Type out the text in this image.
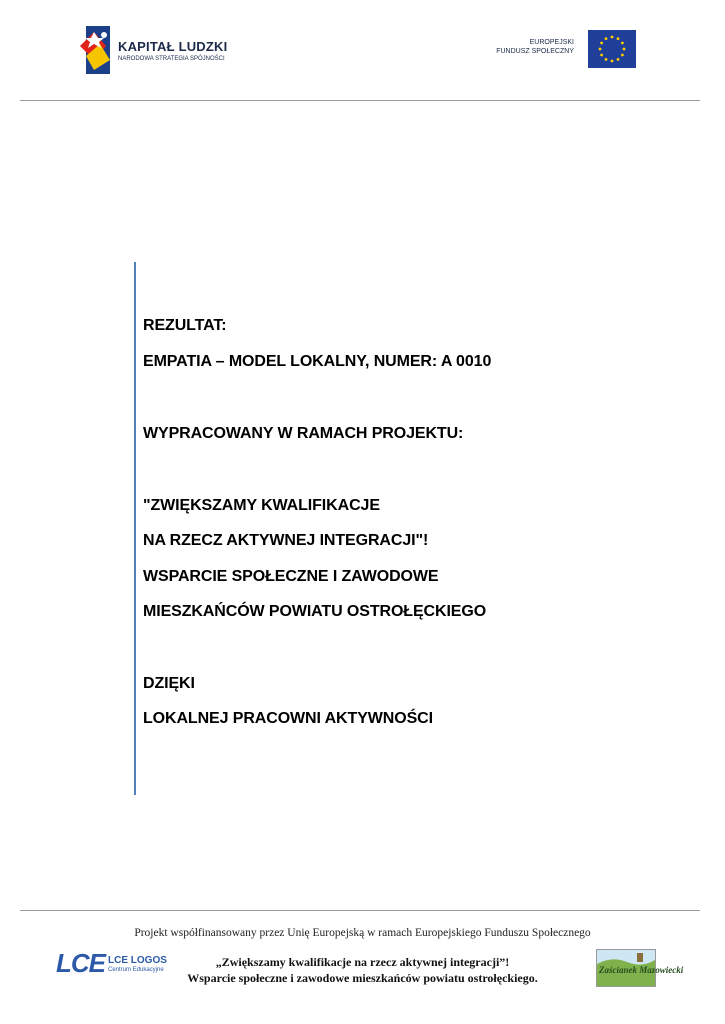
KAPITAŁ LUDZKI
NARODOWA STRATEGIA SPÓJNOŚCI
EUROPEJSKI
FUNDUSZ SPOŁECZNY
REZULTAT:
EMPATIA – MODEL LOKALNY, NUMER: A 0010
WYPRACOWANY W RAMACH PROJEKTU:
"ZWIĘKSZAMY KWALIFIKACJE
NA RZECZ AKTYWNEJ INTEGRACJI"!
WSPARCIE SPOŁECZNE I ZAWODOWE
MIESZKAŃCÓW POWIATU OSTROŁĘCKIEGO
DZIĘKI
LOKALNEJ PRACOWNI AKTYWNOŚCI
Projekt współfinansowany przez Unię Europejską w ramach Europejskiego Funduszu Społecznego
LCE LCE LOGOS
Centrum Edukacyjne
„Zwiększamy kwalifikacje na rzecz aktywnej integracji”!
Wsparcie społeczne i zawodowe mieszkańców powiatu ostrołęckiego.
Zaścianek Mazowiecki
